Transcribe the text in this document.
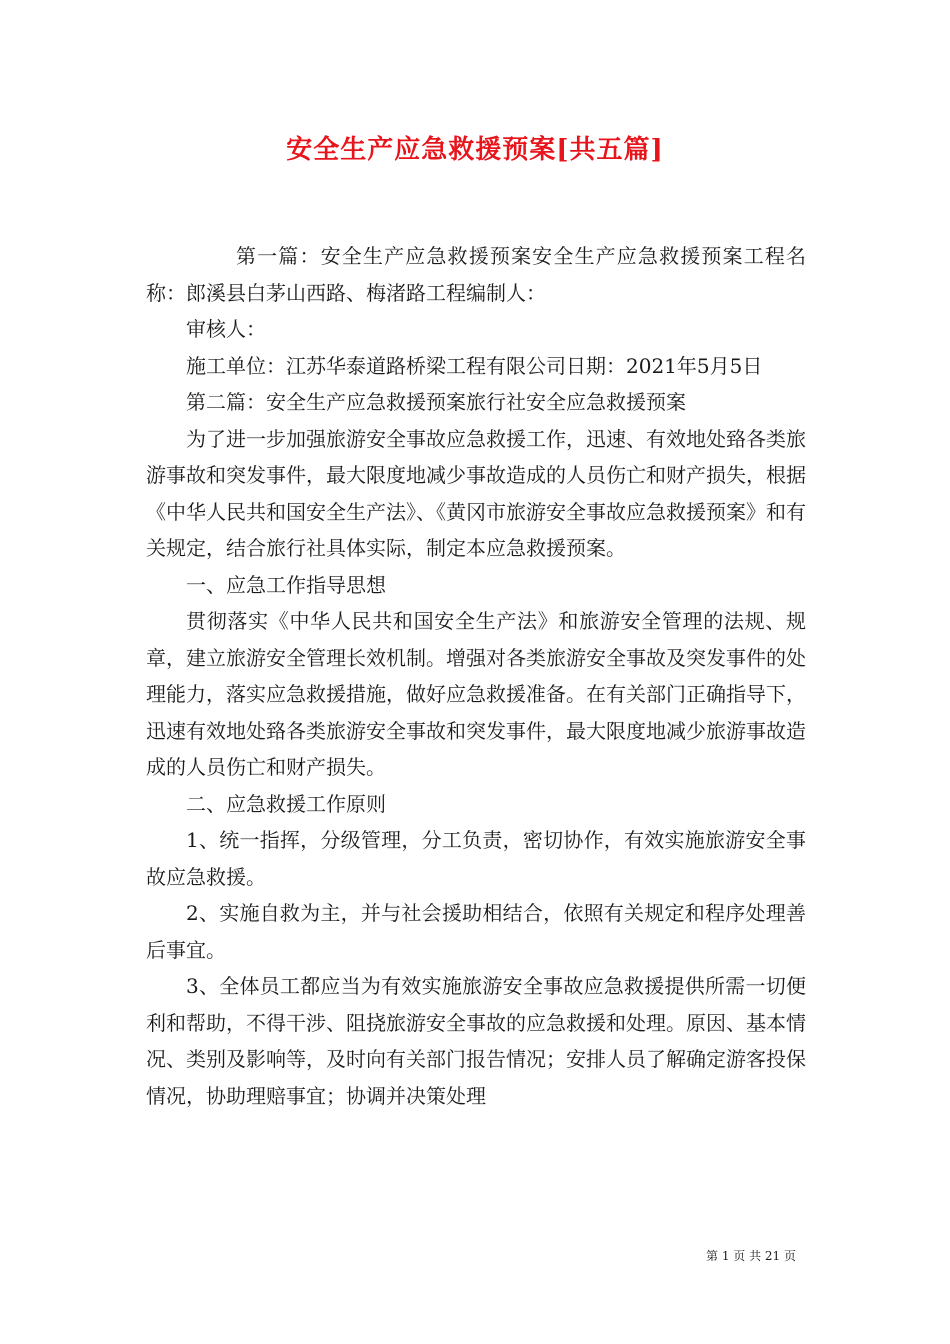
安全生产应急救援预案[共五篇]

第一篇：安全生产应急救援预案安全生产应急救援预案工程名称：郎溪县白茅山西路、梅渚路工程编制人：

审核人：

施工单位：江苏华泰道路桥梁工程有限公司日期：2021年5月5日

第二篇：安全生产应急救援预案旅行社安全应急救援预案

为了进一步加强旅游安全事故应急救援工作，迅速、有效地处臵各类旅游事故和突发事件，最大限度地减少事故造成的人员伤亡和财产损失，根据《中华人民共和国安全生产法》、《黄冈市旅游安全事故应急救援预案》和有关规定，结合旅行社具体实际，制定本应急救援预案。

一、应急工作指导思想

贯彻落实《中华人民共和国安全生产法》和旅游安全管理的法规、规章，建立旅游安全管理长效机制。增强对各类旅游安全事故及突发事件的处理能力，落实应急救援措施，做好应急救援准备。在有关部门正确指导下，迅速有效地处臵各类旅游安全事故和突发事件，最大限度地减少旅游事故造成的人员伤亡和财产损失。

二、应急救援工作原则

1、统一指挥，分级管理，分工负责，密切协作，有效实施旅游安全事故应急救援。

2、实施自救为主，并与社会援助相结合，依照有关规定和程序处理善后事宜。

3、全体员工都应当为有效实施旅游安全事故应急救援提供所需一切便利和帮助，不得干涉、阻挠旅游安全事故的应急救援和处理。原因、基本情况、类别及影响等，及时向有关部门报告情况；安排人员了解确定游客投保情况，协助理赔事宜；协调并决策处理

第 1 页 共 21 页
